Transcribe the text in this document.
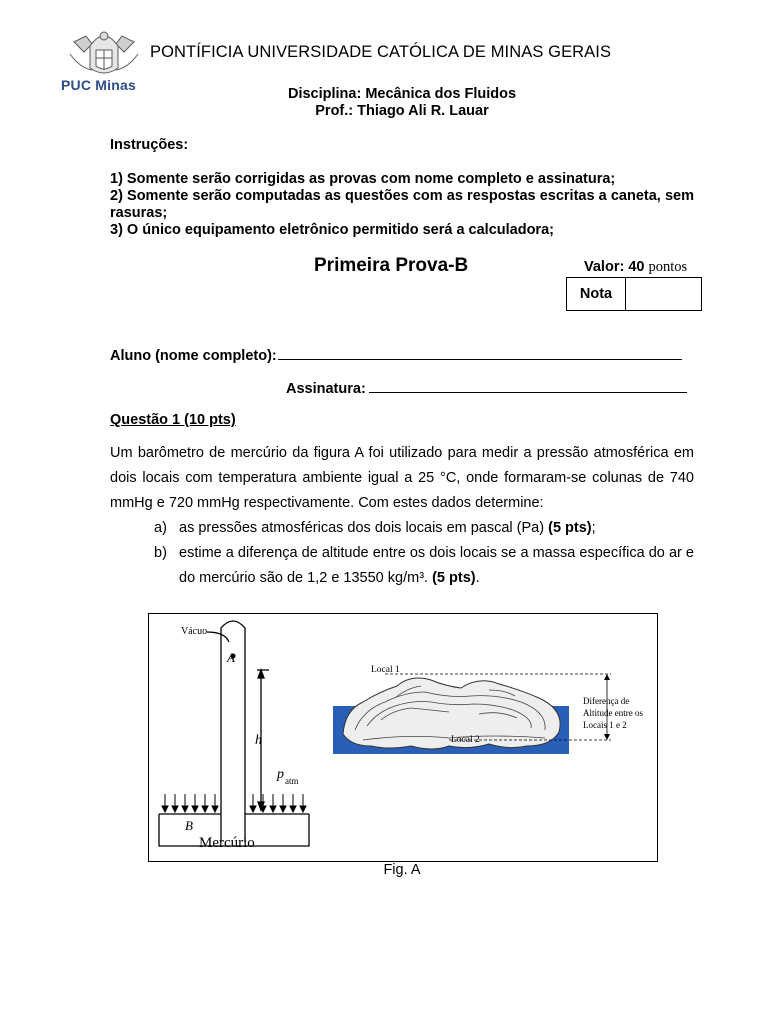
PUC Minas
PONTÍFICIA UNIVERSIDADE CATÓLICA DE MINAS GERAIS
Disciplina: Mecânica dos Fluidos
Prof.: Thiago Ali R. Lauar
Instruções:
1) Somente serão corrigidas as provas com nome completo e assinatura;
2) Somente serão computadas as questões com as respostas escritas a caneta, sem rasuras;
3) O único equipamento eletrônico permitido será a calculadora;
Primeira Prova-B	Valor: 40 pontos
Nota
Aluno (nome completo):
Assinatura:
Questão 1 (10 pts)
Um barômetro de mercúrio da figura A foi utilizado para medir a pressão atmosférica em dois locais com temperatura ambiente igual a 25 °C, onde formaram-se colunas de 740 mmHg e 720 mmHg respectivamente. Com estes dados determine:
a) as pressões atmosféricas dos dois locais em pascal (Pa) (5 pts);
b) estime a diferença de altitude entre os dois locais se a massa específica do ar e do mercúrio são de 1,2 e 13550 kg/m³. (5 pts).
Vácuo
A
h
p atm
B
Mercúrio
Local 1
Local 2
Diferença de
Altitude entre os
Locais 1 e 2
Fig. A
